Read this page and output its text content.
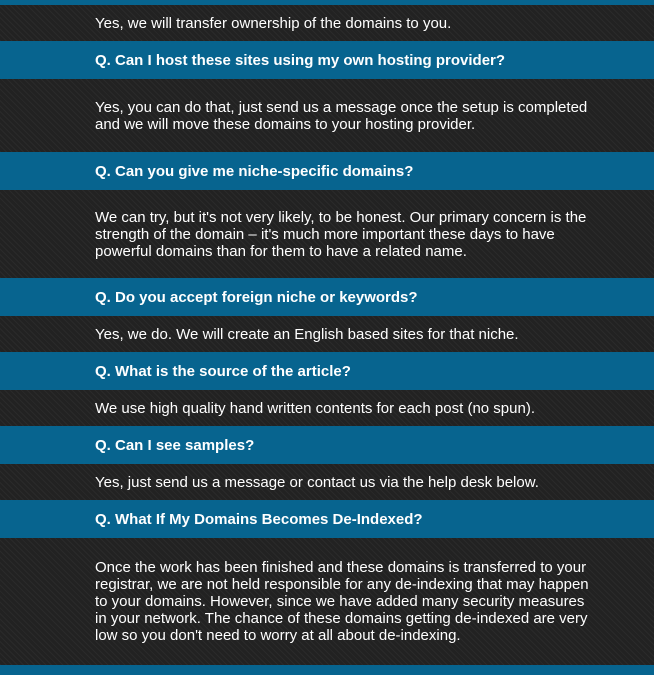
Yes, we will transfer ownership of the domains to you.
Q. Can I host these sites using my own hosting provider?
Yes, you can do that, just send us a message once the setup is completed and we will move these domains to your hosting provider.
Q. Can you give me niche-specific domains?
We can try, but it's not very likely, to be honest. Our primary concern is the strength of the domain – it's much more important these days to have powerful domains than for them to have a related name.
Q. Do you accept foreign niche or keywords?
Yes, we do. We will create an English based sites for that niche.
Q. What is the source of the article?
We use high quality hand written contents for each post (no spun).
Q. Can I see samples?
Yes, just send us a message or contact us via the help desk below.
Q. What If My Domains Becomes De-Indexed?
Once the work has been finished and these domains is transferred to your registrar, we are not held responsible for any de-indexing that may happen to your domains. However, since we have added many security measures in your network. The chance of these domains getting de-indexed are very low so you don't need to worry at all about de-indexing.
